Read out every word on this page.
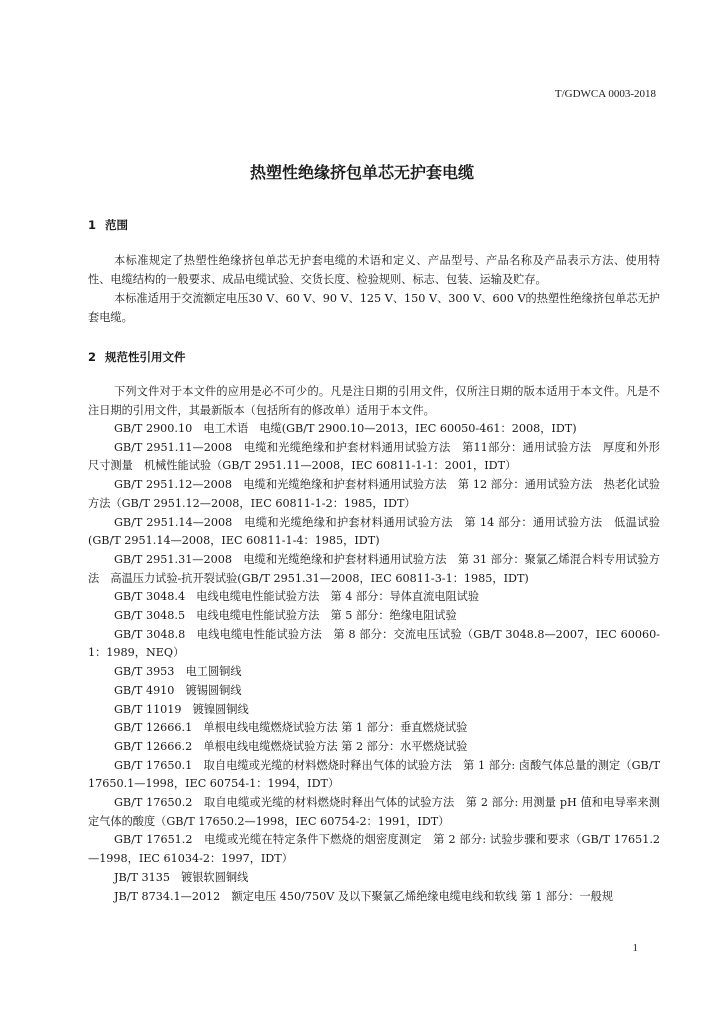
T/GDWCA 0003-2018
热塑性绝缘挤包单芯无护套电缆
1 范围

本标准规定了热塑性绝缘挤包单芯无护套电缆的术语和定义、产品型号、产品名称及产品表示方法、使用特性、电缆结构的一般要求、成品电缆试验、交货长度、检验规则、标志、包装、运输及贮存。

本标准适用于交流额定电压30 V、60 V、90 V、125 V、150 V、300 V、600 V的热塑性绝缘挤包单芯无护套电缆。

2 规范性引用文件

下列文件对于本文件的应用是必不可少的。凡是注日期的引用文件，仅所注日期的版本适用于本文件。凡是不注日期的引用文件，其最新版本（包括所有的修改单）适用于本文件。

GB/T 2900.10　电工术语　电缆(GB/T 2900.10—2013，IEC 60050-461：2008，IDT)
GB/T 2951.11—2008　电缆和光缆绝缘和护套材料通用试验方法　第11部分：通用试验方法　厚度和外形尺寸测量　机械性能试验（GB/T 2951.11—2008，IEC 60811-1-1：2001，IDT）
GB/T 2951.12—2008　电缆和光缆绝缘和护套材料通用试验方法　第 12 部分：通用试验方法　热老化试验方法（GB/T 2951.12—2008，IEC 60811-1-2：1985，IDT）
GB/T 2951.14—2008　电缆和光缆绝缘和护套材料通用试验方法　第 14 部分：通用试验方法　低温试验(GB/T 2951.14—2008，IEC 60811-1-4：1985，IDT)
GB/T 2951.31—2008　电缆和光缆绝缘和护套材料通用试验方法　第 31 部分：聚氯乙烯混合料专用试验方法　高温压力试验-抗开裂试验(GB/T 2951.31—2008，IEC 60811-3-1：1985，IDT)
GB/T 3048.4　电线电缆电性能试验方法　第 4 部分：导体直流电阻试验
GB/T 3048.5　电线电缆电性能试验方法　第 5 部分：绝缘电阻试验
GB/T 3048.8　电线电缆电性能试验方法　第 8 部分：交流电压试验（GB/T 3048.8—2007，IEC 60060-1：1989，NEQ）
GB/T 3953　电工圆铜线
GB/T 4910　镀锡圆铜线
GB/T 11019　镀镍圆铜线
GB/T 12666.1　单根电线电缆燃烧试验方法 第 1 部分：垂直燃烧试验
GB/T 12666.2　单根电线电缆燃烧试验方法 第 2 部分：水平燃烧试验
GB/T 17650.1　取自电缆或光缆的材料燃烧时释出气体的试验方法　第 1 部分: 卤酸气体总量的测定（GB/T 17650.1—1998，IEC 60754-1：1994，IDT）
GB/T 17650.2　取自电缆或光缆的材料燃烧时释出气体的试验方法　第 2 部分: 用测量 pH 值和电导率来测定气体的酸度（GB/T 17650.2—1998，IEC 60754-2：1991，IDT）
GB/T 17651.2　电缆或光缆在特定条件下燃烧的烟密度测定　第 2 部分: 试验步骤和要求（GB/T 17651.2—1998，IEC 61034-2：1997，IDT）
JB/T 3135　镀银软圆铜线
JB/T 8734.1—2012　额定电压 450/750V 及以下聚氯乙烯绝缘电缆电线和软线 第 1 部分：一般规
1
